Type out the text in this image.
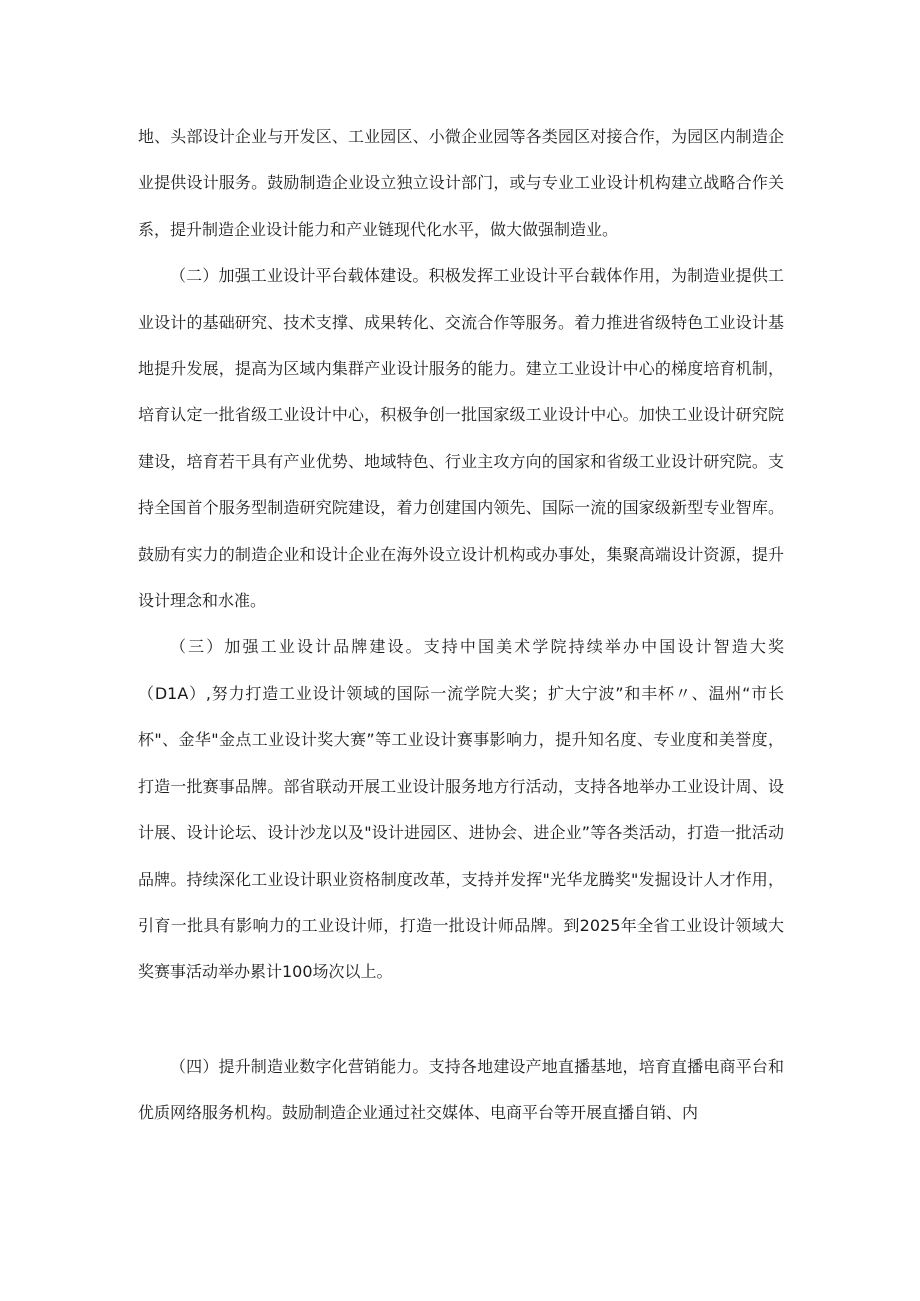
地、头部设计企业与开发区、工业园区、小微企业园等各类园区对接合作，为园区内制造企业提供设计服务。鼓励制造企业设立独立设计部门，或与专业工业设计机构建立战略合作关系，提升制造企业设计能力和产业链现代化水平，做大做强制造业。

（二）加强工业设计平台载体建设。积极发挥工业设计平台载体作用，为制造业提供工业设计的基础研究、技术支撑、成果转化、交流合作等服务。着力推进省级特色工业设计基地提升发展，提高为区域内集群产业设计服务的能力。建立工业设计中心的梯度培育机制，培育认定一批省级工业设计中心，积极争创一批国家级工业设计中心。加快工业设计研究院建设，培育若干具有产业优势、地域特色、行业主攻方向的国家和省级工业设计研究院。支持全国首个服务型制造研究院建设，着力创建国内领先、国际一流的国家级新型专业智库。鼓励有实力的制造企业和设计企业在海外设立设计机构或办事处，集聚高端设计资源，提升设计理念和水准。

（三）加强工业设计品牌建设。支持中国美术学院持续举办中国设计智造大奖（D1A）,努力打造工业设计领域的国际一流学院大奖；扩大宁波”和丰杯〃、温州“市长杯"、金华"金点工业设计奖大赛”等工业设计赛事影响力，提升知名度、专业度和美誉度，打造一批赛事品牌。部省联动开展工业设计服务地方行活动，支持各地举办工业设计周、设计展、设计论坛、设计沙龙以及"设计进园区、进协会、进企业”等各类活动，打造一批活动品牌。持续深化工业设计职业资格制度改革，支持并发挥"光华龙腾奖"发掘设计人才作用，引育一批具有影响力的工业设计师，打造一批设计师品牌。到2025年全省工业设计领域大奖赛事活动举办累计100场次以上。

（四）提升制造业数字化营销能力。支持各地建设产地直播基地，培育直播电商平台和优质网络服务机构。鼓励制造企业通过社交媒体、电商平台等开展直播自销、内
